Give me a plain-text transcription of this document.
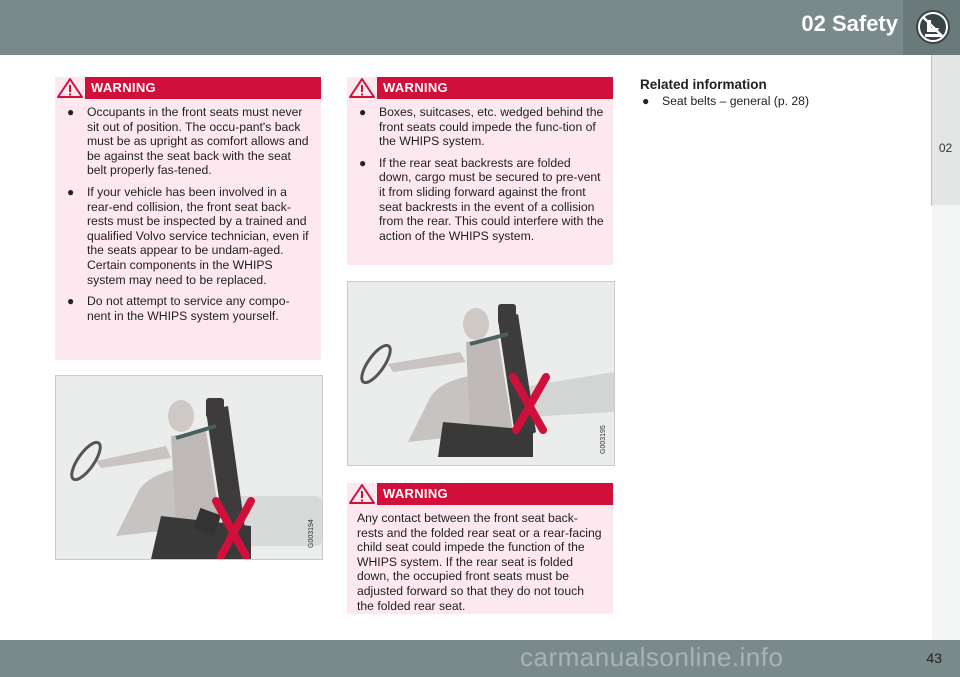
02 Safety
02
WARNING
● Occupants in the front seats must never sit out of position. The occu-pant's back must be as upright as comfort allows and be against the seat back with the seat belt properly fas-tened.
● If your vehicle has been involved in a rear-end collision, the front seat back-rests must be inspected by a trained and qualified Volvo service technician, even if the seats appear to be undam-aged. Certain components in the WHIPS system may need to be replaced.
● Do not attempt to service any compo-nent in the WHIPS system yourself.
G003194
WARNING
● Boxes, suitcases, etc. wedged behind the front seats could impede the func-tion of the WHIPS system.
● If the rear seat backrests are folded down, cargo must be secured to pre-vent it from sliding forward against the front seat backrests in the event of a collision from the rear. This could interfere with the action of the WHIPS system.
G003195
WARNING

Any contact between the front seat back-rests and the folded rear seat or a rear-facing child seat could impede the function of the WHIPS system. If the rear seat is folded down, the occupied front seats must be adjusted forward so that they do not touch the folded rear seat.

Related information
● Seat belts – general (p. 28)
43
carmanualsonline.info
